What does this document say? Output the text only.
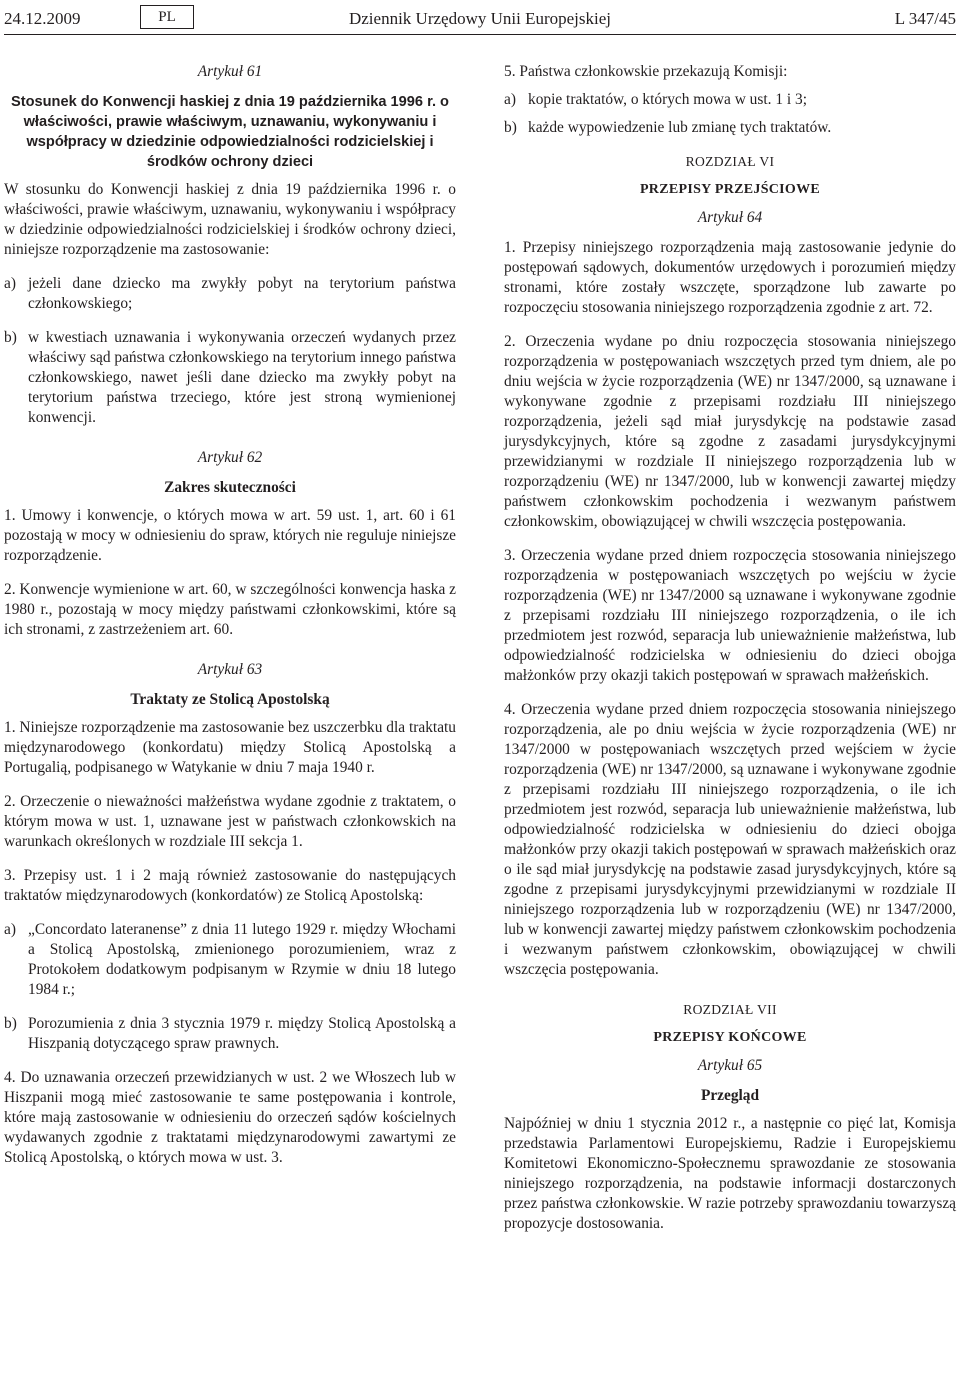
24.12.2009	PL	Dziennik Urzędowy Unii Europejskiej	L 347/45
Artykuł 61
Stosunek do Konwencji haskiej z dnia 19 października 1996 r. o właściwości, prawie właściwym, uznawaniu, wykonywaniu i współpracy w dziedzinie odpowiedzialności rodzicielskiej i środków ochrony dzieci

W stosunku do Konwencji haskiej z dnia 19 października 1996 r. o właściwości, prawie właściwym, uznawaniu, wykonywaniu i współpracy w dziedzinie odpowiedzialności rodzicielskiej i środków ochrony dzieci, niniejsze rozporządzenie ma zastosowanie:

a) jeżeli dane dziecko ma zwykły pobyt na terytorium państwa członkowskiego;

b) w kwestiach uznawania i wykonywania orzeczeń wydanych przez właściwy sąd państwa członkowskiego na terytorium innego państwa członkowskiego, nawet jeśli dane dziecko ma zwykły pobyt na terytorium państwa trzeciego, które jest stroną wymienionej konwencji.

Artykuł 62
Zakres skuteczności

1. Umowy i konwencje, o których mowa w art. 59 ust. 1, art. 60 i 61 pozostają w mocy w odniesieniu do spraw, których nie reguluje niniejsze rozporządzenie.

2. Konwencje wymienione w art. 60, w szczególności konwencja haska z 1980 r., pozostają w mocy między państwami członkowskimi, które są ich stronami, z zastrzeżeniem art. 60.

Artykuł 63
Traktaty ze Stolicą Apostolską

1. Niniejsze rozporządzenie ma zastosowanie bez uszczerbku dla traktatu międzynarodowego (konkordatu) między Stolicą Apostolską a Portugalią, podpisanego w Watykanie w dniu 7 maja 1940 r.

2. Orzeczenie o nieważności małżeństwa wydane zgodnie z traktatem, o którym mowa w ust. 1, uznawane jest w państwach członkowskich na warunkach określonych w rozdziale III sekcja 1.

3. Przepisy ust. 1 i 2 mają również zastosowanie do następujących traktatów międzynarodowych (konkordatów) ze Stolicą Apostolską:

a) „Concordato lateranense” z dnia 11 lutego 1929 r. między Włochami a Stolicą Apostolską, zmienionego porozumieniem, wraz z Protokołem dodatkowym podpisanym w Rzymie w dniu 18 lutego 1984 r.;

b) Porozumienia z dnia 3 stycznia 1979 r. między Stolicą Apostolską a Hiszpanią dotyczącego spraw prawnych.

4. Do uznawania orzeczeń przewidzianych w ust. 2 we Włoszech lub w Hiszpanii mogą mieć zastosowanie te same postępowania i kontrole, które mają zastosowanie w odniesieniu do orzeczeń sądów kościelnych wydawanych zgodnie z traktatami międzynarodowymi zawartymi ze Stolicą Apostolską, o których mowa w ust. 3.

5. Państwa członkowskie przekazują Komisji:

a) kopie traktatów, o których mowa w ust. 1 i 3;

b) każde wypowiedzenie lub zmianę tych traktatów.

ROZDZIAŁ VI
PRZEPISY PRZEJŚCIOWE
Artykuł 64

1. Przepisy niniejszego rozporządzenia mają zastosowanie jedynie do postępowań sądowych, dokumentów urzędowych i porozumień między stronami, które zostały wszczęte, sporządzone lub zawarte po rozpoczęciu stosowania niniejszego rozporządzenia zgodnie z art. 72.

2. Orzeczenia wydane po dniu rozpoczęcia stosowania niniejszego rozporządzenia w postępowaniach wszczętych przed tym dniem, ale po dniu wejścia w życie rozporządzenia (WE) nr 1347/2000, są uznawane i wykonywane zgodnie z przepisami rozdziału III niniejszego rozporządzenia, jeżeli sąd miał jurysdykcję na podstawie zasad jurysdykcyjnych, które są zgodne z zasadami jurysdykcyjnymi przewidzianymi w rozdziale II niniejszego rozporządzenia lub w rozporządzeniu (WE) nr 1347/2000, lub w konwencji zawartej między państwem członkowskim pochodzenia i wezwanym państwem członkowskim, obowiązującej w chwili wszczęcia postępowania.

3. Orzeczenia wydane przed dniem rozpoczęcia stosowania niniejszego rozporządzenia w postępowaniach wszczętych po wejściu w życie rozporządzenia (WE) nr 1347/2000 są uznawane i wykonywane zgodnie z przepisami rozdziału III niniejszego rozporządzenia, o ile ich przedmiotem jest rozwód, separacja lub unieważnienie małżeństwa, lub odpowiedzialność rodzicielska w odniesieniu do dzieci obojga małżonków przy okazji takich postępowań w sprawach małżeńskich.

4. Orzeczenia wydane przed dniem rozpoczęcia stosowania niniejszego rozporządzenia, ale po dniu wejścia w życie rozporządzenia (WE) nr 1347/2000 w postępowaniach wszczętych przed wejściem w życie rozporządzenia (WE) nr 1347/2000, są uznawane i wykonywane zgodnie z przepisami rozdziału III niniejszego rozporządzenia, o ile ich przedmiotem jest rozwód, separacja lub unieważnienie małżeństwa, lub odpowiedzialność rodzicielska w odniesieniu do dzieci obojga małżonków przy okazji takich postępowań w sprawach małżeńskich oraz o ile sąd miał jurysdykcję na podstawie zasad jurysdykcyjnych, które są zgodne z przepisami jurysdykcyjnymi przewidzianymi w rozdziale II niniejszego rozporządzenia lub w rozporządzeniu (WE) nr 1347/2000, lub w konwencji zawartej między państwem członkowskim pochodzenia i wezwanym państwem członkowskim, obowiązującej w chwili wszczęcia postępowania.

ROZDZIAŁ VII
PRZEPISY KOŃCOWE
Artykuł 65
Przegląd

Najpóźniej w dniu 1 stycznia 2012 r., a następnie co pięć lat, Komisja przedstawia Parlamentowi Europejskiemu, Radzie i Europejskiemu Komitetowi Ekonomiczno-Społecznemu sprawozdanie ze stosowania niniejszego rozporządzenia, na podstawie informacji dostarczonych przez państwa członkowskie. W razie potrzeby sprawozdaniu towarzyszą propozycje dostosowania.
